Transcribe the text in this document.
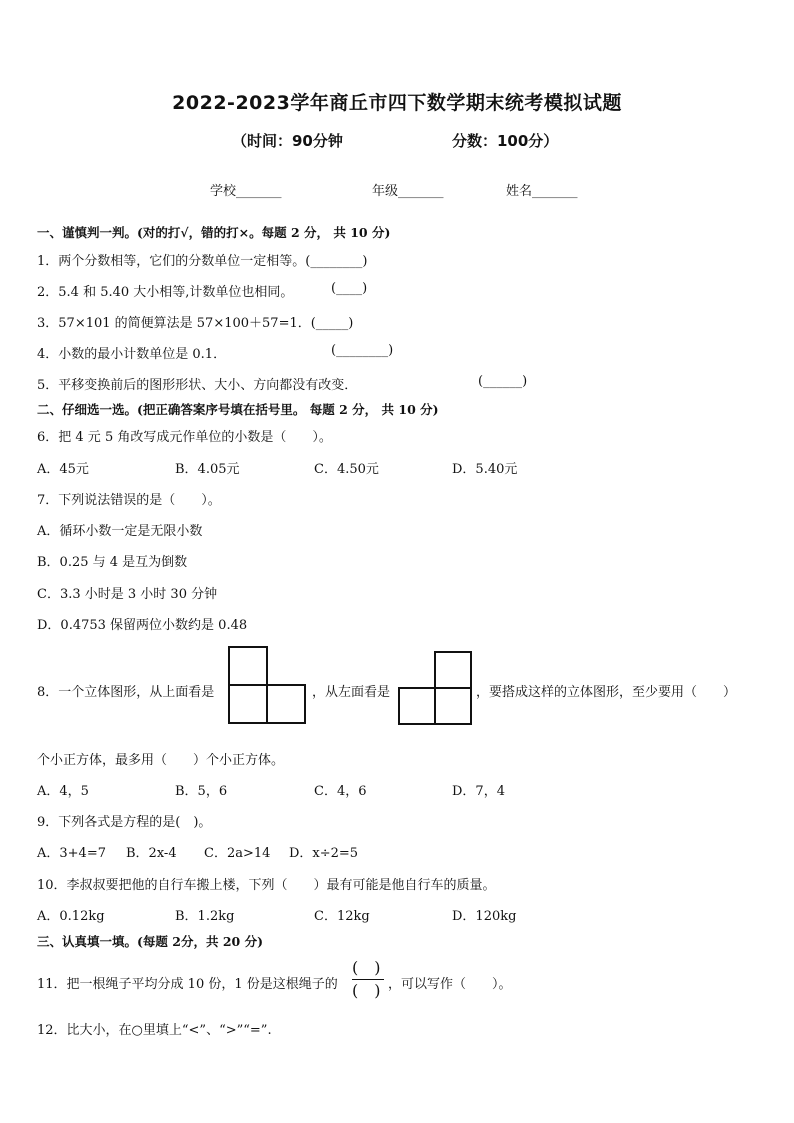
2022-2023学年商丘市四下数学期末统考模拟试题
（时间：90分钟	分数：100分）
学校_______	年级_______	姓名_______
一、谨慎判一判。(对的打√，错的打×。每题 2 分， 共 10 分)
1．两个分数相等，它们的分数单位一定相等。(________)
2．5.4 和 5.40 大小相等,计数单位也相同。	(____)
3．57×101 的简便算法是 57×100＋57=1．(_____)
4．小数的最小计数单位是 0.1．	(________)
5．平移变换前后的图形形状、大小、方向都没有改变．	(______)
二、仔细选一选。(把正确答案序号填在括号里。 每题 2 分， 共 10 分)
6．把 4 元 5 角改写成元作单位的小数是（　　）。
A．45元	B．4.05元	C．4.50元	D．5.40元
7．下列说法错误的是（　　）。
A．循环小数一定是无限小数
B．0.25 与 4 是互为倒数
C．3.3 小时是 3 小时 30 分钟
D．0.4753 保留两位小数约是 0.48
8．一个立体图形，从上面看是	，从左面看是	，要搭成这样的立体图形，至少要用（　　）
个小正方体，最多用（　　）个小正方体。
A．4，5	B．5，6	C．4，6	D．7，4
9．下列各式是方程的是(　)。
A．3+4=7 B．2x-4 C．2a>14 D．x÷2=5
10．李叔叔要把他的自行车搬上楼，下列（　　）最有可能是他自行车的质量。
A．0.12kg	B．1.2kg	C．12kg	D．120kg
三、认真填一填。(每题 2分，共 20 分)
11．把一根绳子平均分成 10 份，1 份是这根绳子的
(　)
(　) ，可以写作（　　）。
12．比大小，在○里填上“<”、“>”“=”.
